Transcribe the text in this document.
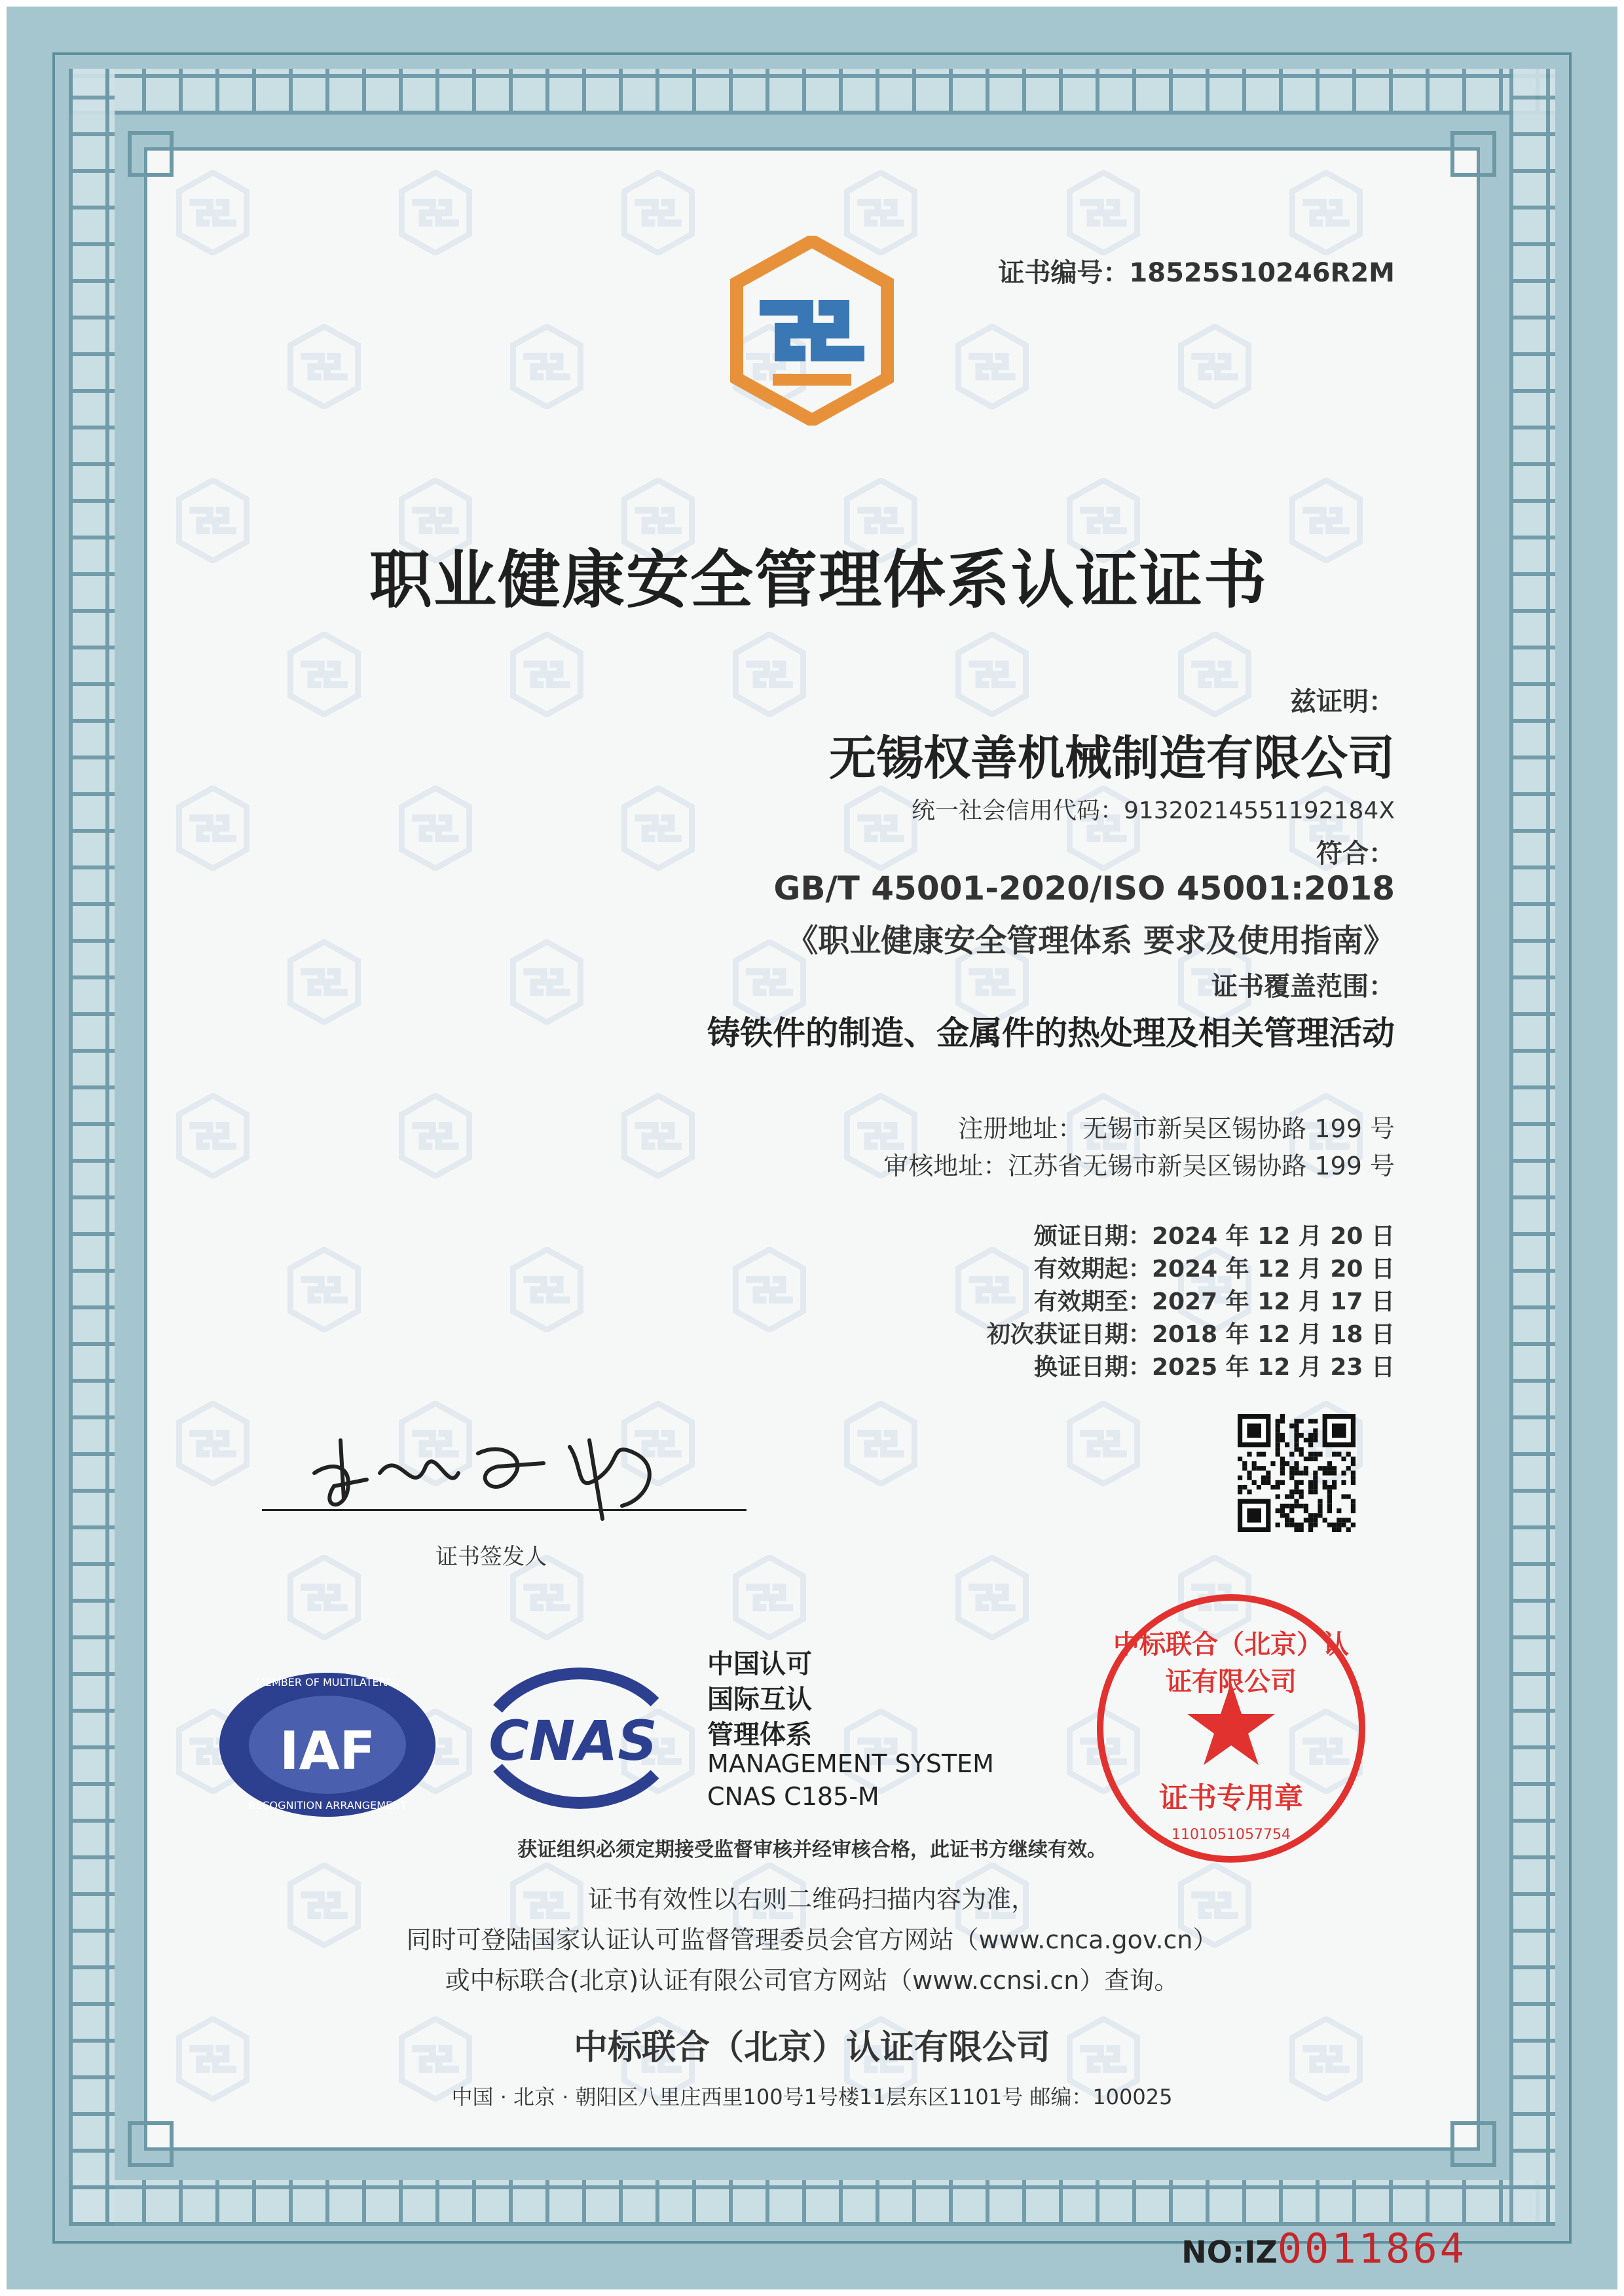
证书编号：18525S10246R2M
职业健康安全管理体系认证证书
兹证明：
无锡权善机械制造有限公司
统一社会信用代码：91320214551192184X
符合：
GB/T 45001-2020/ISO 45001:2018
《职业健康安全管理体系 要求及使用指南》
证书覆盖范围：
铸铁件的制造、金属件的热处理及相关管理活动
注册地址：无锡市新吴区锡协路 199 号
审核地址：江苏省无锡市新吴区锡协路 199 号
颁证日期：2024 年 12 月 20 日
有效期起：2024 年 12 月 20 日
有效期至：2027 年 12 月 17 日
初次获证日期：2018 年 12 月 18 日
换证日期：2025 年 12 月 23 日
证书签发人
IAF
MEMBER OF MULTILATERAL
RECOGNITION ARRANGEMENT
CNAS
中国认可
国际互认
管理体系
MANAGEMENT SYSTEM
CNAS C185-M
中标联合（北京）认证有限公司
证书专用章
1101051057754
获证组织必须定期接受监督审核并经审核合格，此证书方继续有效。
证书有效性以右则二维码扫描内容为准，
同时可登陆国家认证认可监督管理委员会官方网站（www.cnca.gov.cn）
或中标联合(北京)认证有限公司官方网站（www.ccnsi.cn）查询。
中标联合（北京）认证有限公司
中国 · 北京 · 朝阳区八里庄西里100号1号楼11层东区1101号 邮编：100025
NO:IZ0011864
